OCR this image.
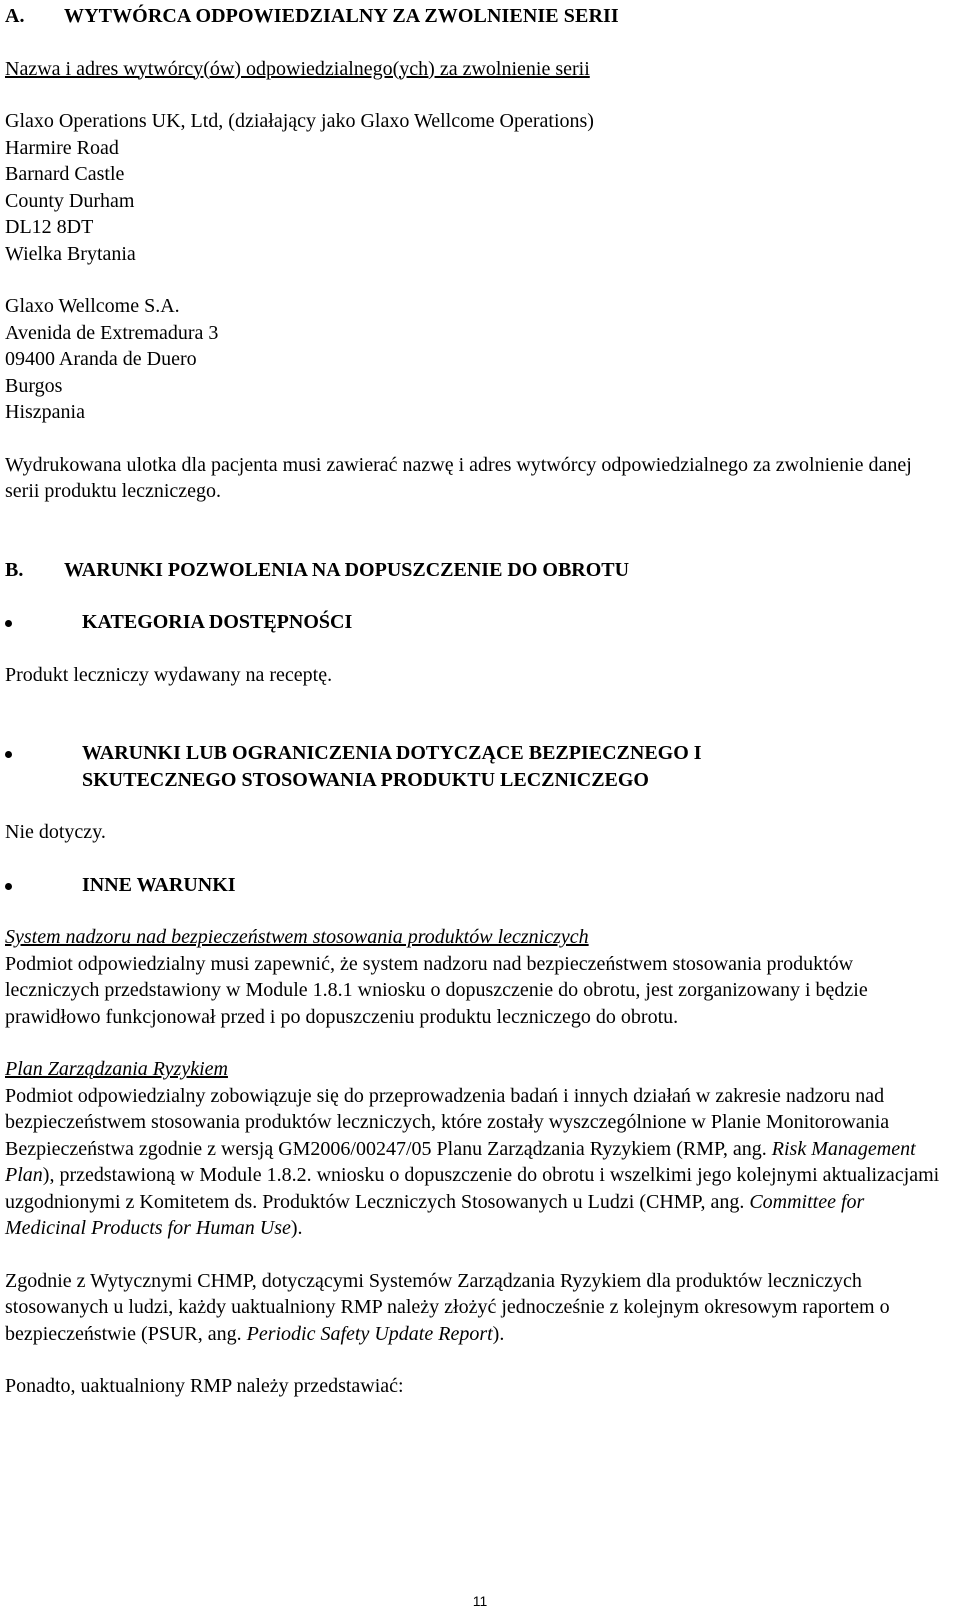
A. WYTWÓRCA ODPOWIEDZIALNY ZA ZWOLNIENIE SERII

Nazwa i adres wytwórcy(ów) odpowiedzialnego(ych) za zwolnienie serii

Glaxo Operations UK, Ltd, (działający jako Glaxo Wellcome Operations)

Harmire Road

Barnard Castle

County Durham

DL12 8DT

Wielka Brytania

Glaxo Wellcome S.A.

Avenida de Extremadura 3

09400 Aranda de Duero

Burgos

Hiszpania

Wydrukowana ulotka dla pacjenta musi zawierać nazwę i adres wytwórcy odpowiedzialnego za zwolnienie danej serii produktu leczniczego.

B. WARUNKI POZWOLENIA NA DOPUSZCZENIE DO OBROTU

KATEGORIA DOSTĘPNOŚCI

Produkt leczniczy wydawany na receptę.

WARUNKI LUB OGRANICZENIA DOTYCZĄCE BEZPIECZNEGO I
SKUTECZNEGO STOSOWANIA PRODUKTU LECZNICZEGO

Nie dotyczy.

INNE WARUNKI

System nadzoru nad bezpieczeństwem stosowania produktów leczniczych

Podmiot odpowiedzialny musi zapewnić, że system nadzoru nad bezpieczeństwem stosowania produktów leczniczych przedstawiony w Module 1.8.1 wniosku o dopuszczenie do obrotu, jest zorganizowany i będzie prawidłowo funkcjonował przed i po dopuszczeniu produktu leczniczego do obrotu.

Plan Zarządzania Ryzykiem

Podmiot odpowiedzialny zobowiązuje się do przeprowadzenia badań i innych działań w zakresie nadzoru nad bezpieczeństwem stosowania produktów leczniczych, które zostały wyszczególnione w Planie Monitorowania Bezpieczeństwa zgodnie z wersją GM2006/00247/05 Planu Zarządzania Ryzykiem (RMP, ang. Risk Management Plan), przedstawioną w Module 1.8.2. wniosku o dopuszczenie do obrotu i wszelkimi jego kolejnymi aktualizacjami uzgodnionymi z Komitetem ds. Produktów Leczniczych Stosowanych u Ludzi (CHMP, ang. Committee for Medicinal Products for Human Use).

Zgodnie z Wytycznymi CHMP, dotyczącymi Systemów Zarządzania Ryzykiem dla produktów leczniczych stosowanych u ludzi, każdy uaktualniony RMP należy złożyć jednocześnie z kolejnym okresowym raportem o bezpieczeństwie (PSUR, ang. Periodic Safety Update Report).

Ponadto, uaktualniony RMP należy przedstawiać:

11
